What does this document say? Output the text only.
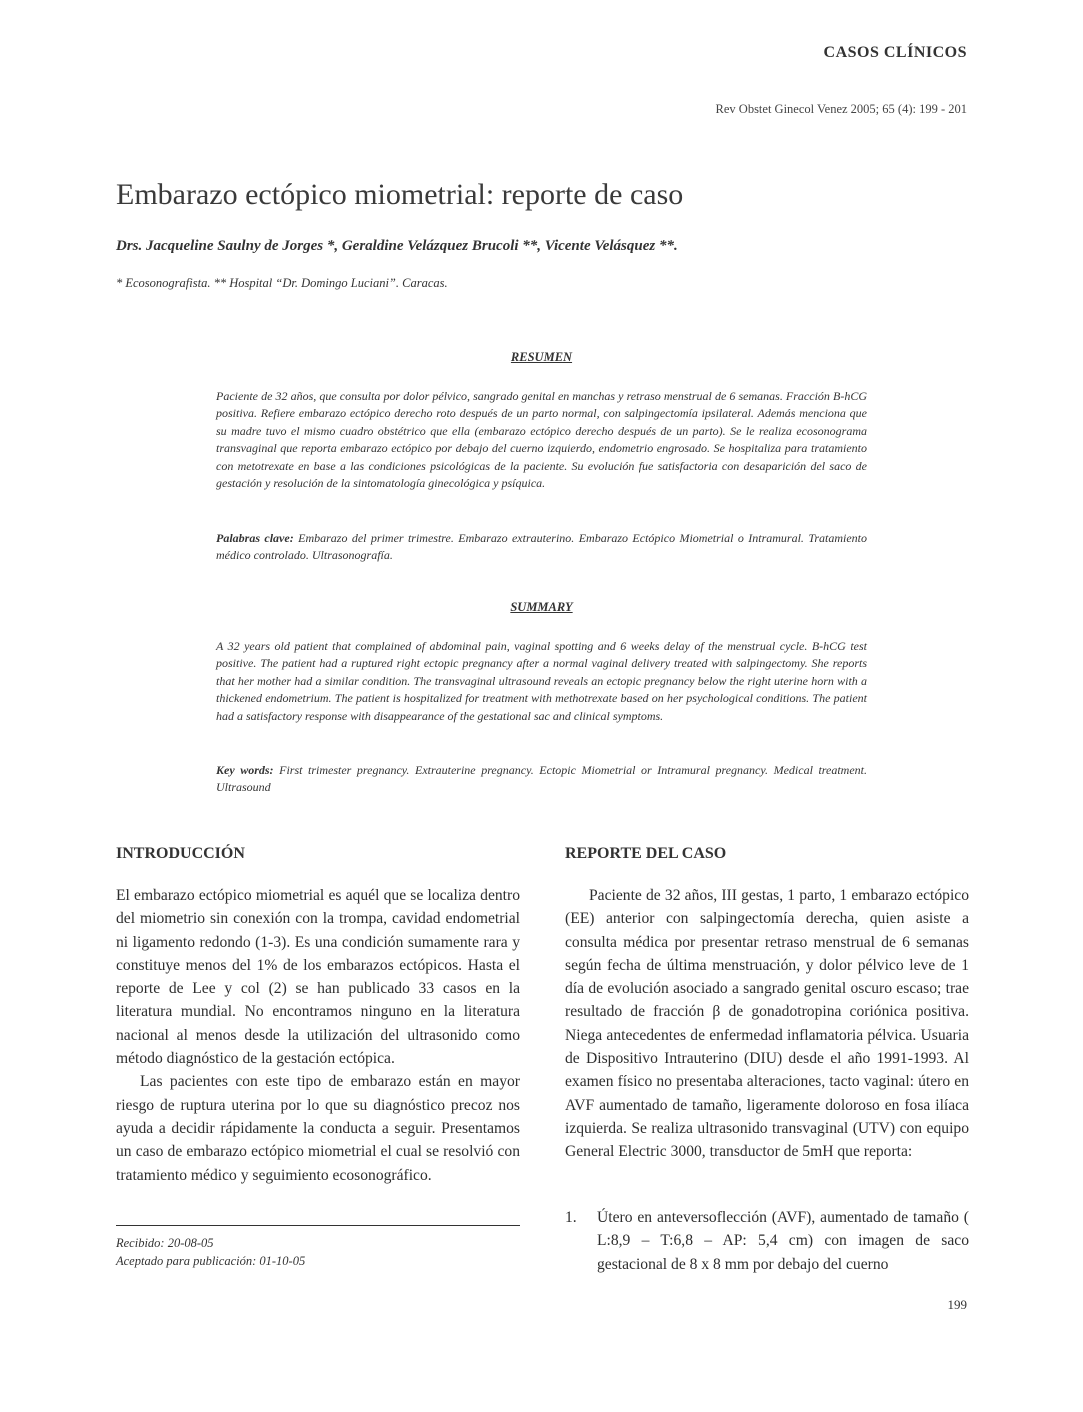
CASOS CLÍNICOS
Rev Obstet Ginecol Venez 2005; 65 (4): 199 - 201
Embarazo ectópico miometrial: reporte de caso
Drs. Jacqueline Saulny de Jorges *, Geraldine Velázquez Brucoli **, Vicente Velásquez **.
* Ecosonografista. ** Hospital “Dr. Domingo Luciani”. Caracas.
RESUMEN
Paciente de 32 años, que consulta por dolor pélvico, sangrado genital en manchas y retraso menstrual de 6 semanas. Fracción B-hCG positiva. Refiere embarazo ectópico derecho roto después de un parto normal, con salpingectomía ipsilateral. Además menciona que su madre tuvo el mismo cuadro obstétrico que ella (embarazo ectópico derecho después de un parto). Se le realiza ecosonograma transvaginal que reporta embarazo ectópico por debajo del cuerno izquierdo, endometrio engrosado. Se hospitaliza para tratamiento con metotrexate en base a las condiciones psicológicas de la paciente. Su evolución fue satisfactoria con desaparición del saco de gestación y resolución de la sintomatología ginecológica y psíquica.
Palabras clave: Embarazo del primer trimestre. Embarazo extrauterino. Embarazo Ectópico Miometrial o Intramural. Tratamiento médico controlado. Ultrasonografía.
SUMMARY
A 32 years old patient that complained of abdominal pain, vaginal spotting and 6 weeks delay of the menstrual cycle. B-hCG test positive. The patient had a ruptured right ectopic pregnancy after a normal vaginal delivery treated with salpingectomy. She reports that her mother had a similar condition. The transvaginal ultrasound reveals an ectopic pregnancy below the right uterine horn with a thickened endometrium. The patient is hospitalized for treatment with methotrexate based on her psychological conditions. The patient had a satisfactory response with disappearance of the gestational sac and clinical symptoms.
Key words: First trimester pregnancy. Extrauterine pregnancy. Ectopic Miometrial or Intramural pregnancy. Medical treatment. Ultrasound
INTRODUCCIÓN

El embarazo ectópico miometrial es aquél que se localiza dentro del miometrio sin conexión con la trompa, cavidad endometrial ni ligamento redondo (1-3). Es una condición sumamente rara y constituye menos del 1% de los embarazos ectópicos. Hasta el reporte de Lee y col (2) se han publicado 33 casos en la literatura mundial. No encontramos ninguno en la literatura nacional al menos desde la utilización del ultrasonido como método diagnóstico de la gestación ectópica.

Las pacientes con este tipo de embarazo están en mayor riesgo de ruptura uterina por lo que su diagnóstico precoz nos ayuda a decidir rápidamente la conducta a seguir. Presentamos un caso de embarazo ectópico miometrial el cual se resolvió con tratamiento médico y seguimiento ecosonográfico.

Recibido: 20-08-05
Aceptado para publicación: 01-10-05
REPORTE DEL CASO

Paciente de 32 años, III gestas, 1 parto, 1 embarazo ectópico (EE) anterior con salpingectomía derecha, quien asiste a consulta médica por presentar retraso menstrual de 6 semanas según fecha de última menstruación, y dolor pélvico leve de 1 día de evolución asociado a sangrado genital oscuro escaso; trae resultado de fracción β de gonadotropina coriónica positiva. Niega antecedentes de enfermedad inflamatoria pélvica. Usuaria de Dispositivo Intrauterino (DIU) desde el año 1991-1993. Al examen físico no presentaba alteraciones, tacto vaginal: útero en AVF aumentado de tamaño, ligeramente doloroso en fosa ilíaca izquierda. Se realiza ultrasonido transvaginal (UTV) con equipo General Electric 3000, transductor de 5mH que reporta:

1. Útero en anteversoflección (AVF), aumentado de tamaño ( L:8,9 – T:6,8 – AP: 5,4 cm) con imagen de saco gestacional de 8 x 8 mm por debajo del cuerno
199
